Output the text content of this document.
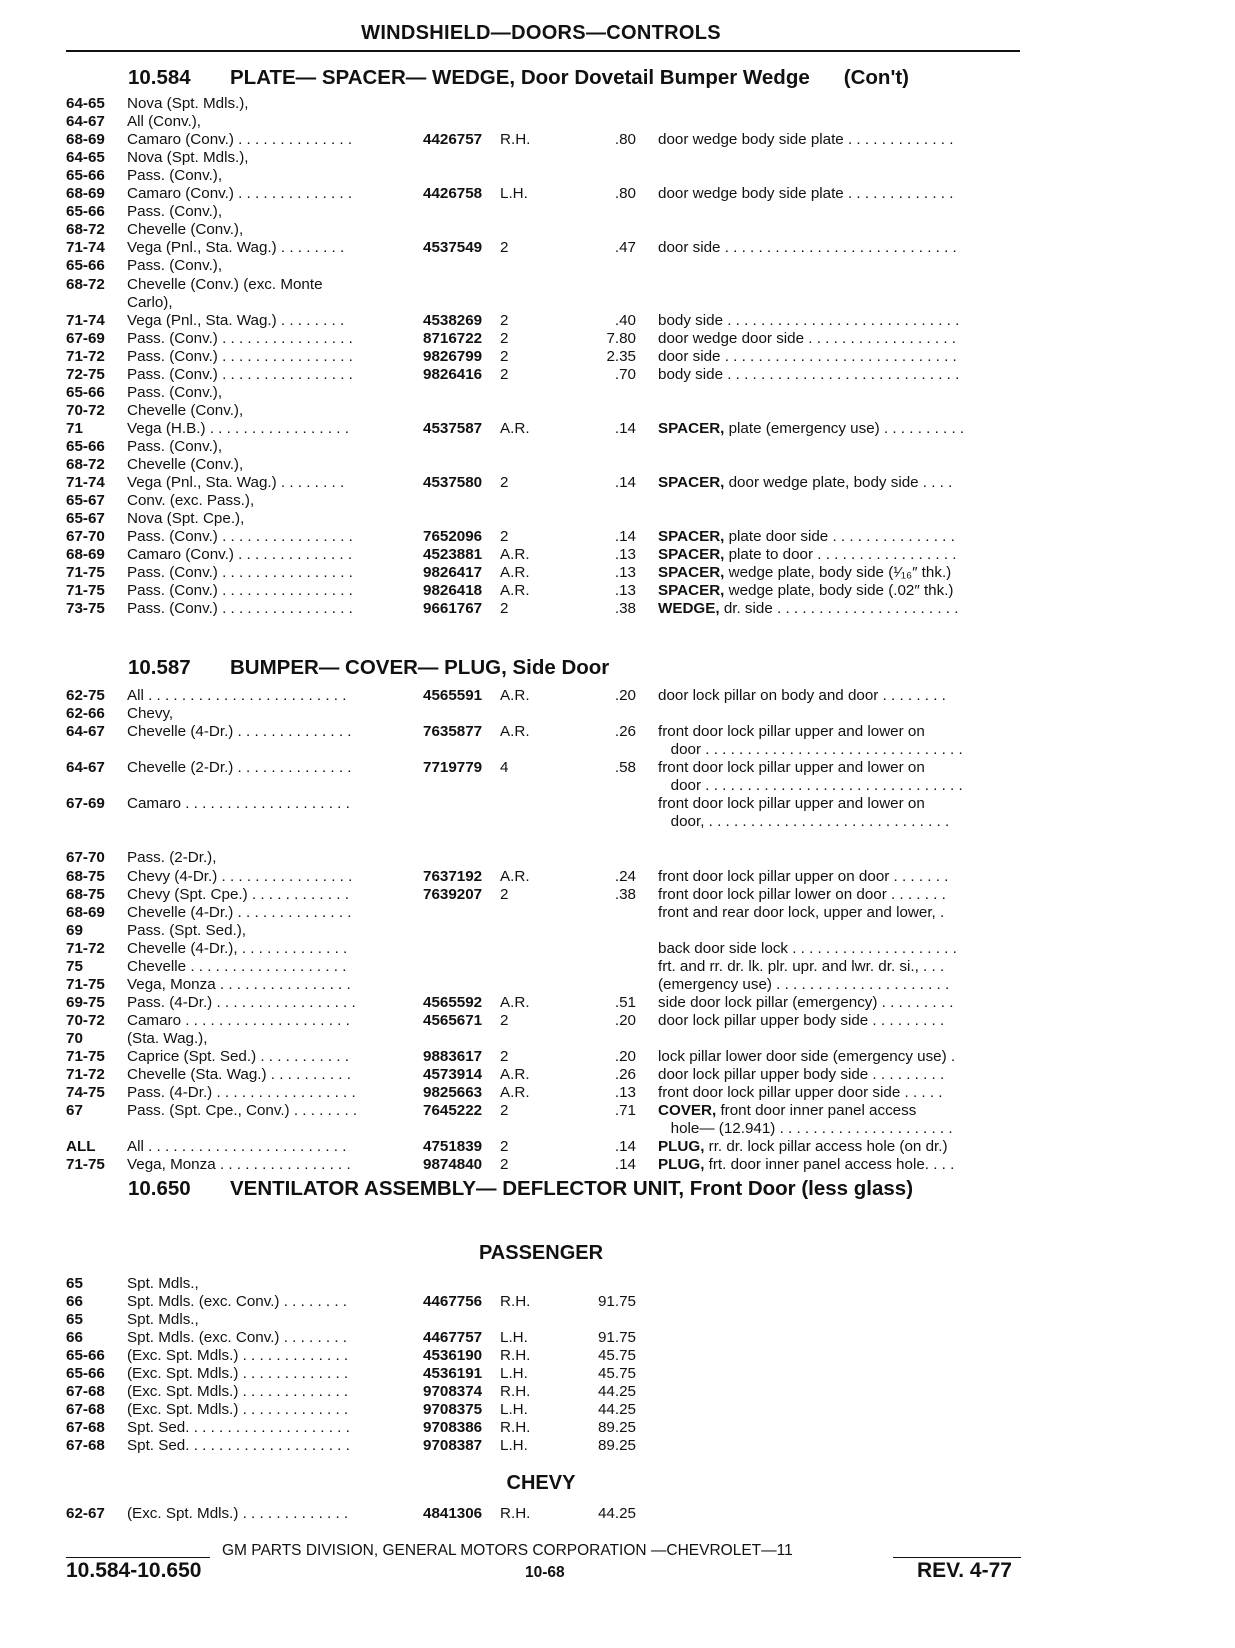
WINDSHIELD—DOORS—CONTROLS
10.584 PLATE— SPACER— WEDGE, Door Dovetail Bumper Wedge (Con't)
64-65	Nova (Spt. Mdls.),
64-67	All (Conv.),
68-69	Camaro (Conv.) . . . . . . . . . . . . . .	4426757	R.H.	.80 door wedge body side plate . . . . . . . . . . . . .
64-65	Nova (Spt. Mdls.),
65-66	Pass. (Conv.),
68-69	Camaro (Conv.) . . . . . . . . . . . . . .	4426758	L.H.	.80 door wedge body side plate . . . . . . . . . . . . .
65-66	Pass. (Conv.),
68-72	Chevelle (Conv.),
71-74	Vega (Pnl., Sta. Wag.) . . . . . . . .	4537549	2	.47 door side . . . . . . . . . . . . . . . . . . . . . . . . . . . .
65-66	Pass. (Conv.),
68-72	Chevelle (Conv.) (exc. Monte
Carlo),
71-74	Vega (Pnl., Sta. Wag.) . . . . . . . .	4538269	2	.40 body side . . . . . . . . . . . . . . . . . . . . . . . . . . . .
67-69	Pass. (Conv.) . . . . . . . . . . . . . . . .	8716722	2	7.80 door wedge door side . . . . . . . . . . . . . . . . . .
71-72	Pass. (Conv.) . . . . . . . . . . . . . . . .	9826799	2	2.35 door side . . . . . . . . . . . . . . . . . . . . . . . . . . . .
72-75	Pass. (Conv.) . . . . . . . . . . . . . . . .	9826416	2	.70 body side . . . . . . . . . . . . . . . . . . . . . . . . . . . .
65-66	Pass. (Conv.),
70-72	Chevelle (Conv.),
71	Vega (H.B.) . . . . . . . . . . . . . . . . .	4537587	A.R.	.14 SPACER, plate (emergency use) . . . . . . . . . .
65-66	Pass. (Conv.),
68-72	Chevelle (Conv.),
71-74	Vega (Pnl., Sta. Wag.) . . . . . . . .	4537580	2	.14 SPACER, door wedge plate, body side . . . .
65-67	Conv. (exc. Pass.),
65-67	Nova (Spt. Cpe.),
67-70	Pass. (Conv.) . . . . . . . . . . . . . . . .	7652096	2	.14 SPACER, plate door side . . . . . . . . . . . . . . .
68-69	Camaro (Conv.) . . . . . . . . . . . . . .	4523881	A.R.	.13 SPACER, plate to door . . . . . . . . . . . . . . . . .
71-75	Pass. (Conv.) . . . . . . . . . . . . . . . .	9826417	A.R.	.13 SPACER, wedge plate, body side (¹⁄₁₆″ thk.)
71-75	Pass. (Conv.) . . . . . . . . . . . . . . . .	9826418	A.R.	.13 SPACER, wedge plate, body side (.02″ thk.)
73-75	Pass. (Conv.) . . . . . . . . . . . . . . . .	9661767	2	.38 WEDGE, dr. side . . . . . . . . . . . . . . . . . . . . . .
10.587 BUMPER— COVER— PLUG, Side Door
62-75	All . . . . . . . . . . . . . . . . . . . . . . . .	4565591	A.R.	.20 door lock pillar on body and door . . . . . . . .
62-66	Chevy,
64-67	Chevelle (4-Dr.) . . . . . . . . . . . . . .	7635877	A.R.	.26 front door lock pillar upper and lower on
door . . . . . . . . . . . . . . . . . . . . . . . . . . . . . . .
64-67	Chevelle (2-Dr.) . . . . . . . . . . . . . .	7719779	4	.58 front door lock pillar upper and lower on
door . . . . . . . . . . . . . . . . . . . . . . . . . . . . . . .
67-69	Camaro . . . . . . . . . . . . . . . . . . . .	front door lock pillar upper and lower on
door, . . . . . . . . . . . . . . . . . . . . . . . . . . . . .
67-70	Pass. (2-Dr.),
68-75	Chevy (4-Dr.) . . . . . . . . . . . . . . . .	7637192	A.R.	.24 front door lock pillar upper on door . . . . . . .
68-75	Chevy (Spt. Cpe.) . . . . . . . . . . . .	7639207	2	.38 front door lock pillar lower on door . . . . . . .
68-69	Chevelle (4-Dr.) . . . . . . . . . . . . . .	front and rear door lock, upper and lower, .
69	Pass. (Spt. Sed.),
71-72	Chevelle (4-Dr.), . . . . . . . . . . . . .	back door side lock . . . . . . . . . . . . . . . . . . . .
75	Chevelle . . . . . . . . . . . . . . . . . . .	frt. and rr. dr. lk. plr. upr. and lwr. dr. si., . . .
71-75	Vega, Monza . . . . . . . . . . . . . . . .	(emergency use) . . . . . . . . . . . . . . . . . . . . .
69-75	Pass. (4-Dr.) . . . . . . . . . . . . . . . . .	4565592	A.R.	.51 side door lock pillar (emergency) . . . . . . . . .
70-72	Camaro . . . . . . . . . . . . . . . . . . . .	4565671	2	.20 door lock pillar upper body side . . . . . . . . .
70	(Sta. Wag.),
71-75	Caprice (Spt. Sed.) . . . . . . . . . . .	9883617	2	.20 lock pillar lower door side (emergency use) .
71-72	Chevelle (Sta. Wag.) . . . . . . . . . .	4573914	A.R.	.26 door lock pillar upper body side . . . . . . . . .
74-75	Pass. (4-Dr.) . . . . . . . . . . . . . . . . .	9825663	A.R.	.13 front door lock pillar upper door side . . . . .
67	Pass. (Spt. Cpe., Conv.) . . . . . . . .	7645222	2	.71 COVER, front door inner panel access
hole— (12.941) . . . . . . . . . . . . . . . . . . . . .
ALL	All . . . . . . . . . . . . . . . . . . . . . . . .	4751839	2	.14 PLUG, rr. dr. lock pillar access hole (on dr.)
71-75	Vega, Monza . . . . . . . . . . . . . . . .	9874840	2	.14 PLUG, frt. door inner panel access hole. . . .
10.650 VENTILATOR ASSEMBLY— DEFLECTOR UNIT, Front Door (less glass)
PASSENGER
65	Spt. Mdls.,
66	Spt. Mdls. (exc. Conv.) . . . . . . . .	4467756	R.H.	91.75
65	Spt. Mdls.,
66	Spt. Mdls. (exc. Conv.) . . . . . . . .	4467757	L.H.	91.75
65-66	(Exc. Spt. Mdls.) . . . . . . . . . . . . .	4536190	R.H.	45.75
65-66	(Exc. Spt. Mdls.) . . . . . . . . . . . . .	4536191	L.H.	45.75
67-68	(Exc. Spt. Mdls.) . . . . . . . . . . . . .	9708374	R.H.	44.25
67-68	(Exc. Spt. Mdls.) . . . . . . . . . . . . .	9708375	L.H.	44.25
67-68	Spt. Sed. . . . . . . . . . . . . . . . . . . .	9708386	R.H.	89.25
67-68	Spt. Sed. . . . . . . . . . . . . . . . . . . .	9708387	L.H.	89.25
CHEVY
62-67	(Exc. Spt. Mdls.) . . . . . . . . . . . . .	4841306	R.H.	44.25
GM PARTS DIVISION, GENERAL MOTORS CORPORATION —CHEVROLET—11
10.584-10.650	10-68	REV. 4-77
